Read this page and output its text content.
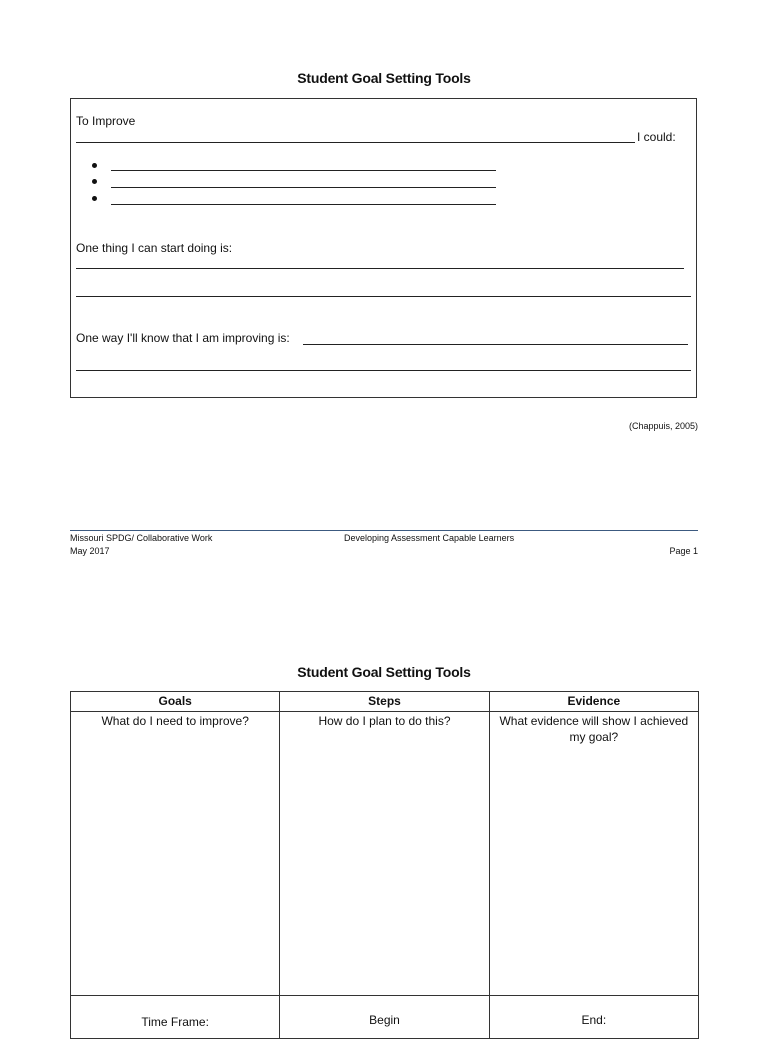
Student Goal Setting Tools
To Improve
I could:
One thing I can start doing is:
One way I'll know that I am improving is:
(Chappuis, 2005)
Missouri SPDG/ Collaborative Work
May 2017
Developing Assessment Capable Learners
Page 1
Student Goal Setting Tools
Goals	Steps	Evidence
What do I need to improve?	How do I plan to do this?	What evidence will show I achieved my goal?
Time Frame:	Begin	End:
